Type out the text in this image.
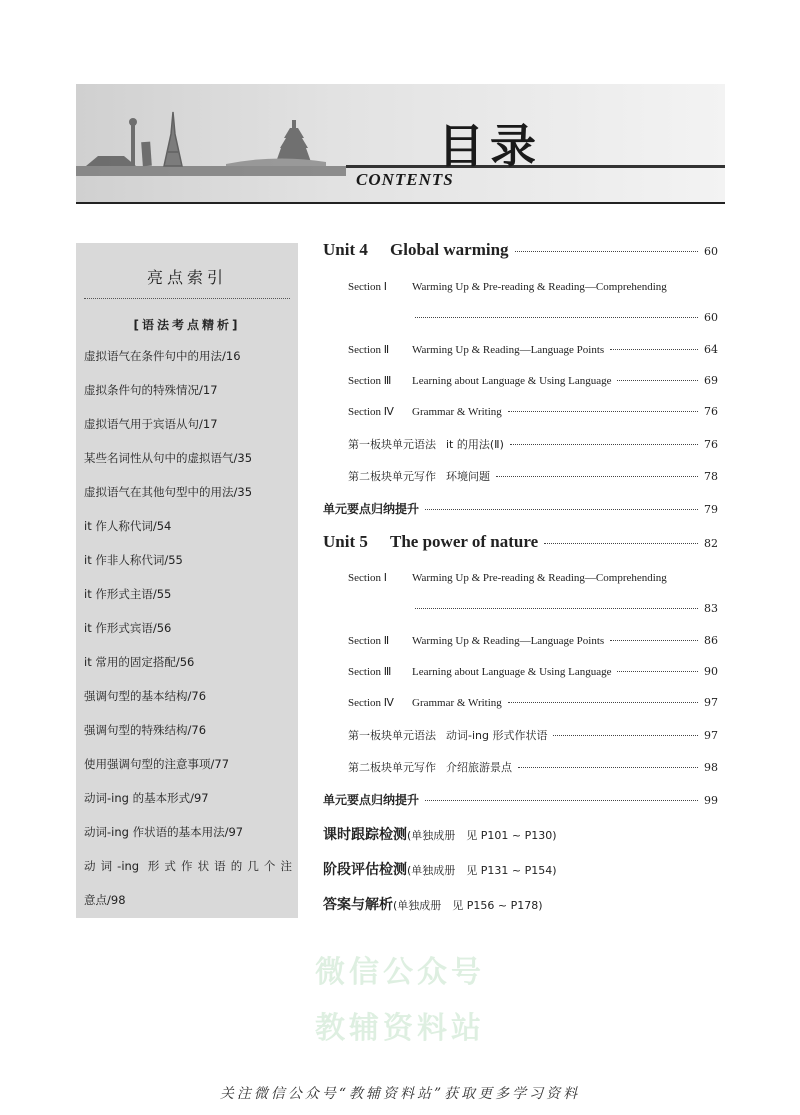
目录
CONTENTS
亮点索引
[语法考点精析]
虚拟语气在条件句中的用法/16
虚拟条件句的特殊情况/17
虚拟语气用于宾语从句/17
某些名词性从句中的虚拟语气/35
虚拟语气在其他句型中的用法/35
it 作人称代词/54
it 作非人称代词/55
it 作形式主语/55
it 作形式宾语/56
it 常用的固定搭配/56
强调句型的基本结构/76
强调句型的特殊结构/76
使用强调句型的注意事项/77
动词-ing 的基本形式/97
动词-ing 作状语的基本用法/97
动词-ing 形式作状语的几个注
意点/98
Unit 4 Global warming	60
Section Ⅰ Warming Up & Pre-reading & Reading—Comprehending
60
Section Ⅱ Warming Up & Reading—Language Points	64
Section Ⅲ Learning about Language & Using Language	69
Section Ⅳ Grammar & Writing	76
第一板块单元语法 it 的用法(Ⅱ)	76
第二板块单元写作 环境问题	78
单元要点归纳提升	79
Unit 5 The power of nature	82
Section Ⅰ Warming Up & Pre-reading & Reading—Comprehending
83
Section Ⅱ Warming Up & Reading—Language Points	86
Section Ⅲ Learning about Language & Using Language	90
Section Ⅳ Grammar & Writing	97
第一板块单元语法 动词-ing 形式作状语	97
第二板块单元写作 介绍旅游景点	98
单元要点归纳提升	99
课时跟踪检测(单独成册　见 P101 ~ P130)
阶段评估检测(单独成册　见 P131 ~ P154)
答案与解析(单独成册　见 P156 ~ P178)
微信公众号
教辅资料站
关注微信公众号“教辅资料站”获取更多学习资料
